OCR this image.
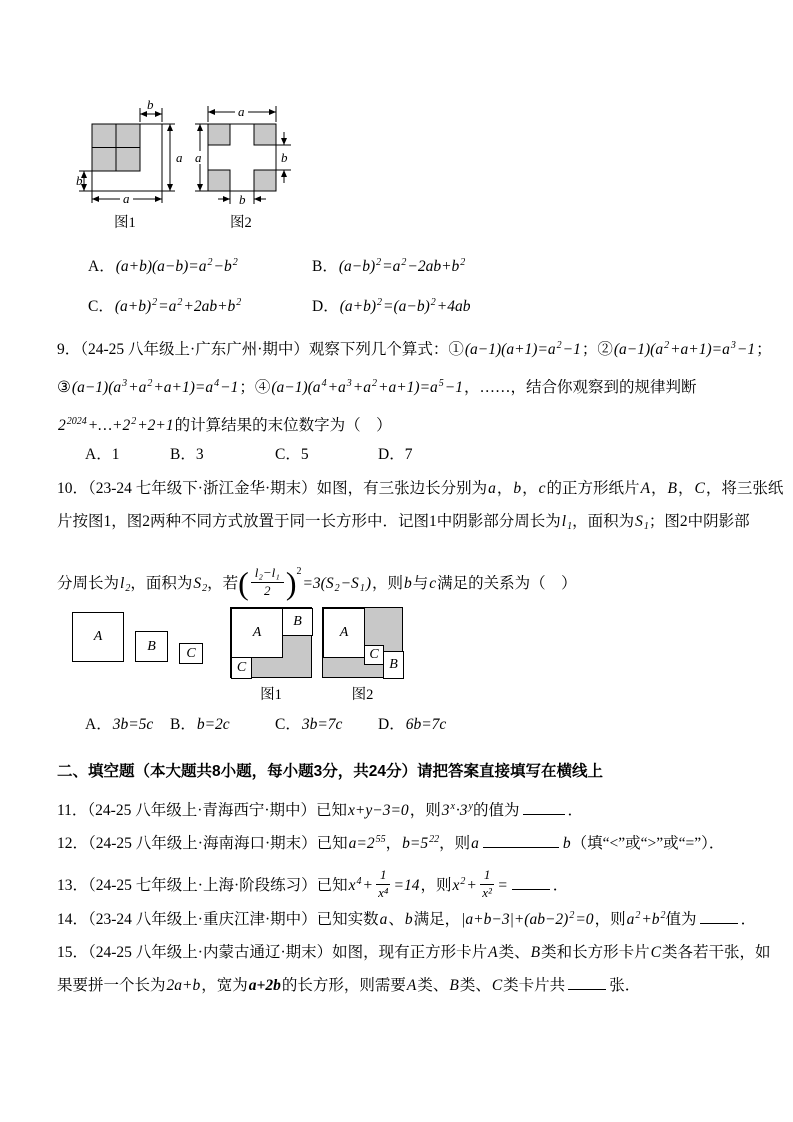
b
a
b
a
图1
a
a	b
b
图2
A．$(a+b)(a-b)=a^2-b^2$	B．$(a-b)^2=a^2-2ab+b^2$
C．$(a+b)^2=a^2+2ab+b^2$	D．$(a+b)^2=(a-b)^2+4ab$
9．（24-25 八年级上·广东广州·期中）观察下列几个算式：$①(a-1)(a+1)=a^2-1$；$②(a-1)(a^2+a+1)=a^3-1$；
$③(a-1)(a^3+a^2+a+1)=a^4-1$；$④(a-1)(a^4+a^3+a^2+a+1)=a^5-1$，……，结合你观察到的规律判断
$2^{2024}+\dots+2^2+2+1$的计算结果的末位数字为（　）
A．1	B．3	C．5	D．7
10．（23-24 七年级下·浙江金华·期末）如图，有三张边长分别为a，b，c的正方形纸片A，B，C，将三张纸
片按图1，图2两种不同方式放置于同一长方形中．记图1中阴影部分周长为l1，面积为S1；图2中阴影部
分周长为l2，面积为S2，若( $\frac{\text{l₂−l₁}}{2} )^2=3(S2-S1)$，则b与c满足的关系为（　）
A
B C
A
B
C
图1
A
B
C
图2
A．3b=5c B．b=2c	C．3b=7c D．6b=7c
二、填空题（本大题共8小题，每小题3分，共24分）请把答案直接填写在横线上
11．（24-25 八年级上·青海西宁·期中）已知x+y−3=0，则$3^x\cdot 3^y$的值为	．
12．（24-25 八年级上·海南海口·期末）已知$a=2^{55}$，$b=5^{22}$，则a	b（填“<”或“>”或“=”）．
13．（24-25 七年级上·上海·阶段练习）已知$x^4+ \frac{1}{\text{x⁴}} =14$，则$x^2+ \frac{1}{\text{x²}}$ =	．
14．（23-24 八年级上·重庆江津·期中）已知实数a、b满足，$|a+b-3|+(ab-2)^2=0$，则$a^2+b^2$值为	．
15．（24-25 八年级上·内蒙古通辽·期末）如图，现有正方形卡片A类、B类和长方形卡片C类各若干张，如
果要拼一个长为2a+b，宽为a+2b的长方形，则需要A类、B类、C类卡片共	张．
